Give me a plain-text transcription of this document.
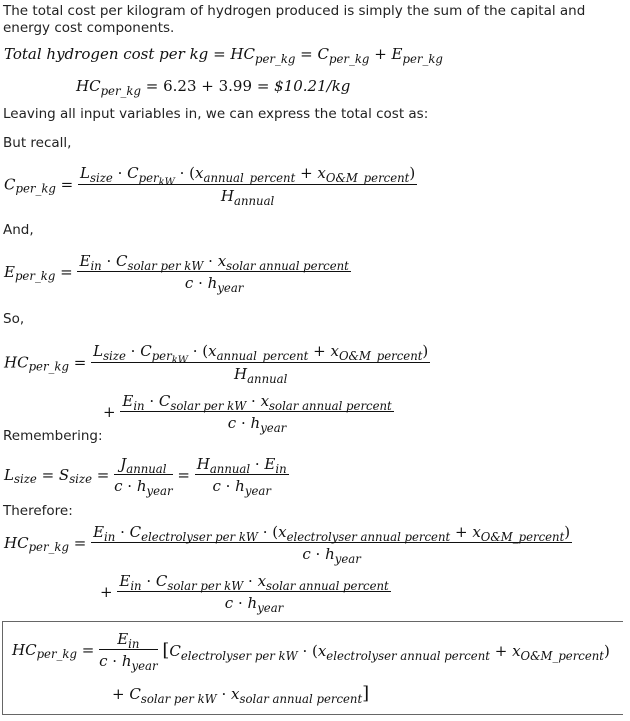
The total cost per kilogram of hydrogen produced is simply the sum of the capital and energy cost components.
Total hydrogen cost per kg = $HC_{per\_kg} = C_{per\_kg} + E_{per\_kg}$
$HC_{per\_kg} = 6.23 + 3.99$ = $10.21/kg
Leaving all input variables in, we can express the total cost as:
But recall,
$C_{per\_kg}$ =
$L_{size} \cdot C_{per_{kW}} \cdot (x_{annual\_percent} + x_{O\&M\_percent})$
$H_{annual}$
And,
$E_{per\_kg}$ =
$E_{in} \cdot C_{solar per kW} \cdot x_{solar annual percent}$
$c \cdot h_{year}$
So,
$HC_{per\_kg}$ =
$L_{size} \cdot C_{per_{kW}} \cdot (x_{annual\_percent} + x_{O\&M\_percent})$
$H_{annual}$
+
$E_{in} \cdot C_{solar per kW} \cdot x_{solar annual percent}$
$c \cdot h_{year}$
Remembering:
$L_{size} = S_{size} = \frac{J_{annual}}{c \cdot h_{year}} = \frac{H_{annual} \cdot E_{in}}{c \cdot h_{year}}$
Therefore:
$HC_{per\_kg}$ =
$E_{in} \cdot C_{electrolyser per kW} \cdot (x_{electrolyser annual percent} + x_{O\&M\_percent})$
$c \cdot h_{year}$
+
$E_{in} \cdot C_{solar per kW} \cdot x_{solar annual percent}$
$c \cdot h_{year}$
$HC_{per\_kg} = \frac{E_{in}}{c \cdot h_{year}} [C_{electrolyser per kW} \cdot (x_{electrolyser annual percent} + x_{O\&M\_percent})$
+ $C_{solar per kW} \cdot x_{solar annual percent}$]
